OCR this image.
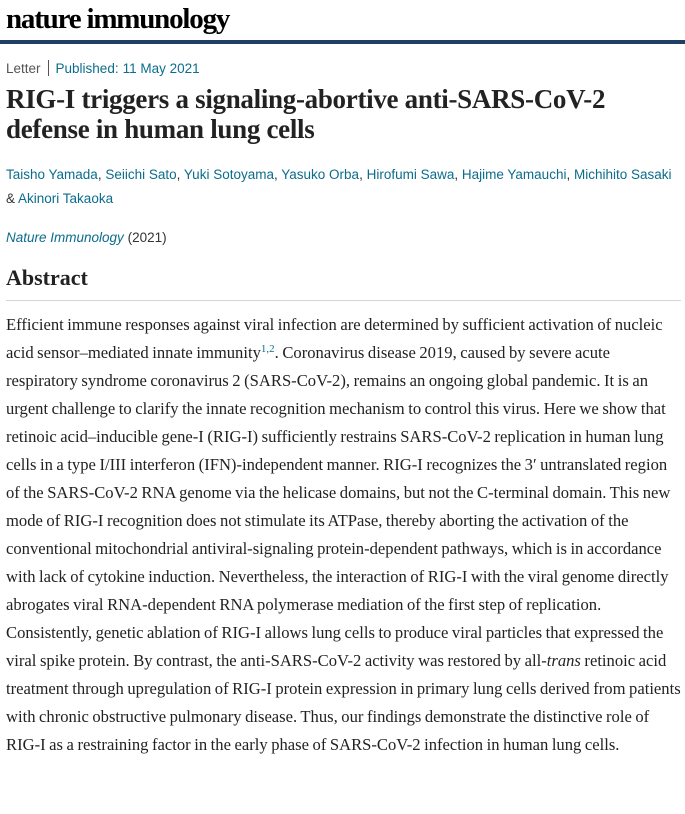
nature immunology
Letter Published: 11 May 2021
RIG-I triggers a signaling-abortive anti-SARS-CoV-2 defense in human lung cells
Taisho Yamada, Seiichi Sato, Yuki Sotoyama, Yasuko Orba, Hirofumi Sawa, Hajime Yamauchi, Michihito Sasaki & Akinori Takaoka
Nature Immunology (2021)
Abstract

Efficient immune responses against viral infection are determined by sufficient activation of nucleic acid sensor–mediated innate immunity$^{1,2}$. Coronavirus disease 2019, caused by severe acute respiratory syndrome coronavirus 2 (SARS-CoV-2), remains an ongoing global pandemic. It is an urgent challenge to clarify the innate recognition mechanism to control this virus. Here we show that retinoic acid–inducible gene-I (RIG-I) sufficiently restrains SARS-CoV-2 replication in human lung cells in a type I/III interferon (IFN)-independent manner. RIG-I recognizes the 3′ untranslated region of the SARS-CoV-2 RNA genome via the helicase domains, but not the C-terminal domain. This new mode of RIG-I recognition does not stimulate its ATPase, thereby aborting the activation of the conventional mitochondrial antiviral-signaling protein-dependent pathways, which is in accordance with lack of cytokine induction. Nevertheless, the interaction of RIG-I with the viral genome directly abrogates viral RNA-dependent RNA polymerase mediation of the first step of replication. Consistently, genetic ablation of RIG-I allows lung cells to produce viral particles that expressed the viral spike protein. By contrast, the anti-SARS-CoV-2 activity was restored by all-trans retinoic acid treatment through upregulation of RIG-I protein expression in primary lung cells derived from patients with chronic obstructive pulmonary disease. Thus, our findings demonstrate the distinctive role of RIG-I as a restraining factor in the early phase of SARS-CoV-2 infection in human lung cells.
